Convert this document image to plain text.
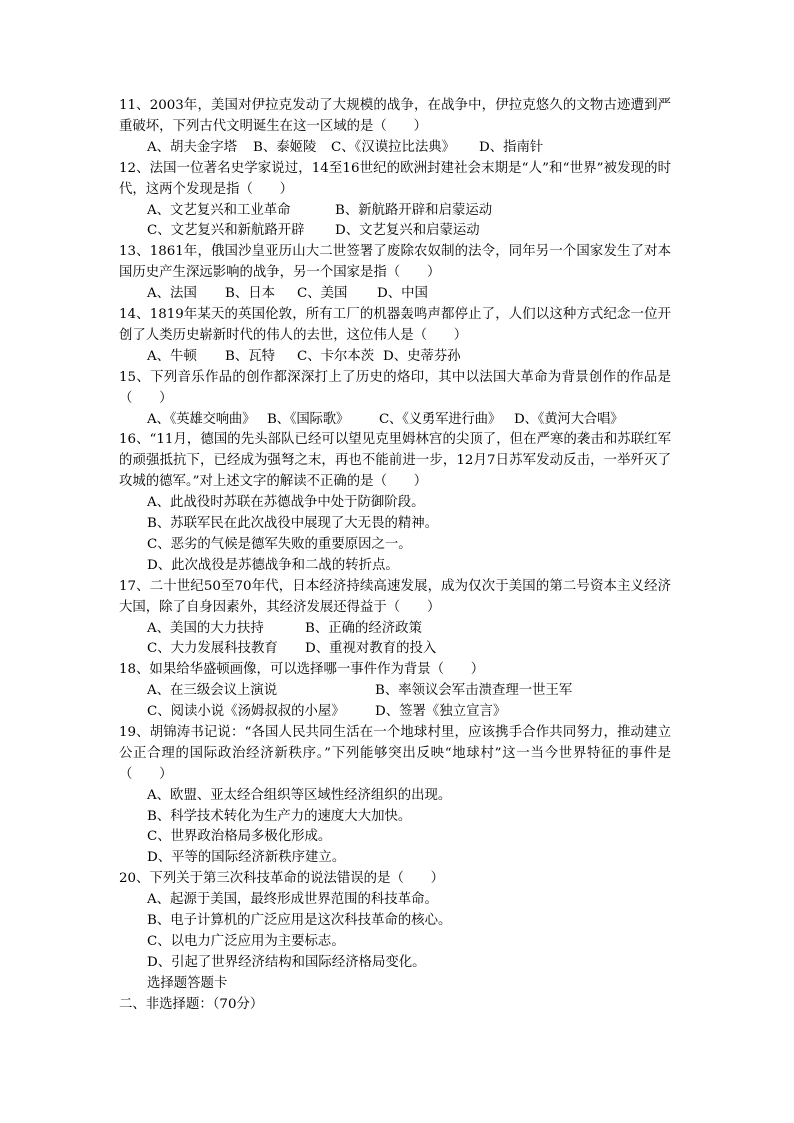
11、2003年，美国对伊拉克发动了大规模的战争，在战争中，伊拉克悠久的文物古迹遭到严重破坏，下列古代文明诞生在这一区域的是（　　）
A、胡夫金字塔	B、泰姬陵	C、《汉谟拉比法典》	D、指南针
12、法国一位著名史学家说过，14至16世纪的欧洲封建社会末期是“人”和“世界”被发现的时代，这两个发现是指（　　）
A、文艺复兴和工业革命	B、新航路开辟和启蒙运动
C、文艺复兴和新航路开辟	D、文艺复兴和启蒙运动
13、1861年，俄国沙皇亚历山大二世签署了废除农奴制的法令，同年另一个国家发生了对本国历史产生深远影响的战争，另一个国家是指（　　）
A、法国	B、日本	C、美国	D、中国
14、1819年某天的英国伦敦，所有工厂的机器轰鸣声都停止了，人们以这种方式纪念一位开创了人类历史崭新时代的伟人的去世，这位伟人是（　　）
A、牛顿	B、瓦特	C、卡尔本茨 D、史蒂芬孙
15、下列音乐作品的创作都深深打上了历史的烙印，其中以法国大革命为背景创作的作品是（　　）
A、《英雄交响曲》 B、《国际歌》	C、《义勇军进行曲》 D、《黄河大合唱》
16、“11月，德国的先头部队已经可以望见克里姆林宫的尖顶了，但在严寒的袭击和苏联红军的顽强抵抗下，已经成为强弩之末，再也不能前进一步，12月7日苏军发动反击，一举歼灭了攻城的德军。”对上述文字的解读不正确的是（　　）
A、此战役时苏联在苏德战争中处于防御阶段。
B、苏联军民在此次战役中展现了大无畏的精神。
C、恶劣的气候是德军失败的重要原因之一。
D、此次战役是苏德战争和二战的转折点。
17、二十世纪50至70年代，日本经济持续高速发展，成为仅次于美国的第二号资本主义经济大国，除了自身因素外，其经济发展还得益于（　　）
A、美国的大力扶持	B、正确的经济政策
C、大力发展科技教育	D、重视对教育的投入
18、如果给华盛顿画像，可以选择哪一事件作为背景（　　）
A、在三级会议上演说	B、率领议会军击溃查理一世王军
C、阅读小说《汤姆叔叔的小屋》	D、签署《独立宣言》
19、胡锦涛书记说：“各国人民共同生活在一个地球村里，应该携手合作共同努力，推动建立公正合理的国际政治经济新秩序。”下列能够突出反映“地球村”这一当今世界特征的事件是（　　）
A、欧盟、亚太经合组织等区域性经济组织的出现。
B、科学技术转化为生产力的速度大大加快。
C、世界政治格局多极化形成。
D、平等的国际经济新秩序建立。
20、下列关于第三次科技革命的说法错误的是（　　）
A、起源于美国，最终形成世界范围的科技革命。
B、电子计算机的广泛应用是这次科技革命的核心。
C、以电力广泛应用为主要标志。
D、引起了世界经济结构和国际经济格局变化。
选择题答题卡
二、非选择题：（70分）
